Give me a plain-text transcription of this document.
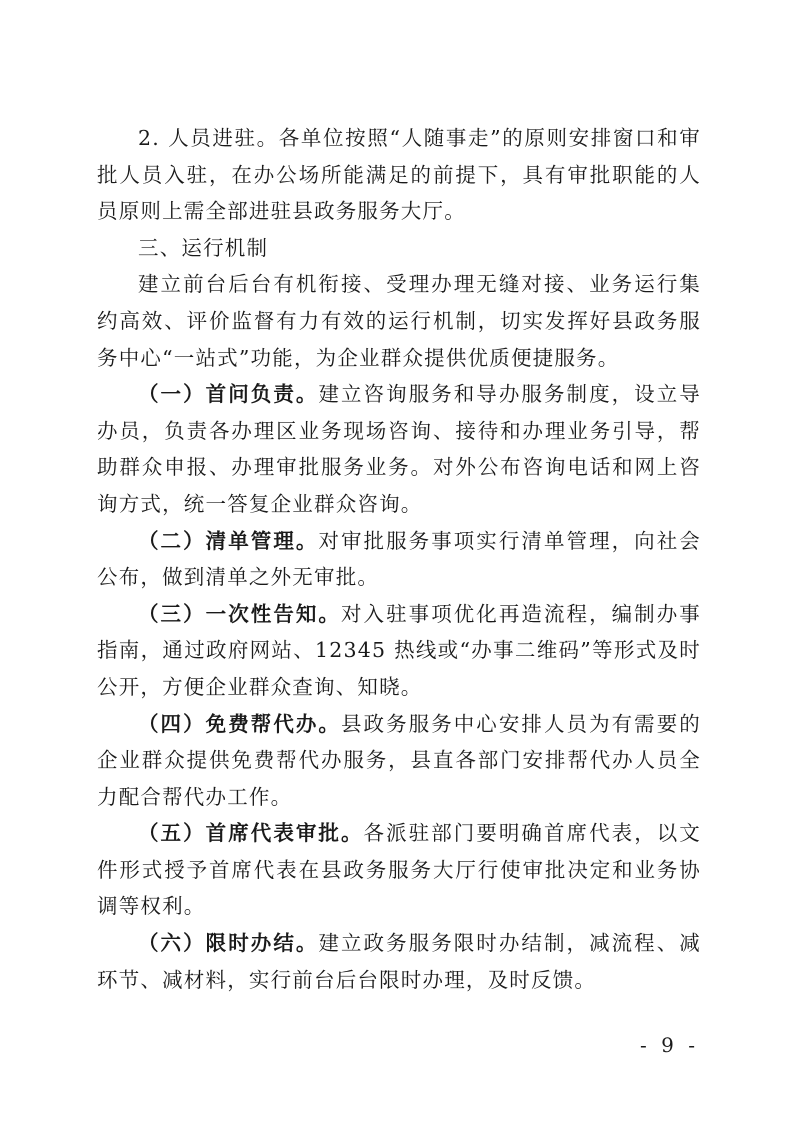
2. 人员进驻。各单位按照“人随事走”的原则安排窗口和审批人员入驻，在办公场所能满足的前提下，具有审批职能的人员原则上需全部进驻县政务服务大厅。

三、运行机制

建立前台后台有机衔接、受理办理无缝对接、业务运行集约高效、评价监督有力有效的运行机制，切实发挥好县政务服务中心“一站式”功能，为企业群众提供优质便捷服务。

（一）首问负责。建立咨询服务和导办服务制度，设立导办员，负责各办理区业务现场咨询、接待和办理业务引导，帮助群众申报、办理审批服务业务。对外公布咨询电话和网上咨询方式，统一答复企业群众咨询。

（二）清单管理。对审批服务事项实行清单管理，向社会公布，做到清单之外无审批。

（三）一次性告知。对入驻事项优化再造流程，编制办事指南，通过政府网站、12345 热线或“办事二维码”等形式及时公开，方便企业群众查询、知晓。

（四）免费帮代办。县政务服务中心安排人员为有需要的企业群众提供免费帮代办服务，县直各部门安排帮代办人员全力配合帮代办工作。

（五）首席代表审批。各派驻部门要明确首席代表，以文件形式授予首席代表在县政务服务大厅行使审批决定和业务协调等权利。

（六）限时办结。建立政务服务限时办结制，减流程、减环节、减材料，实行前台后台限时办理，及时反馈。

- 9 -
